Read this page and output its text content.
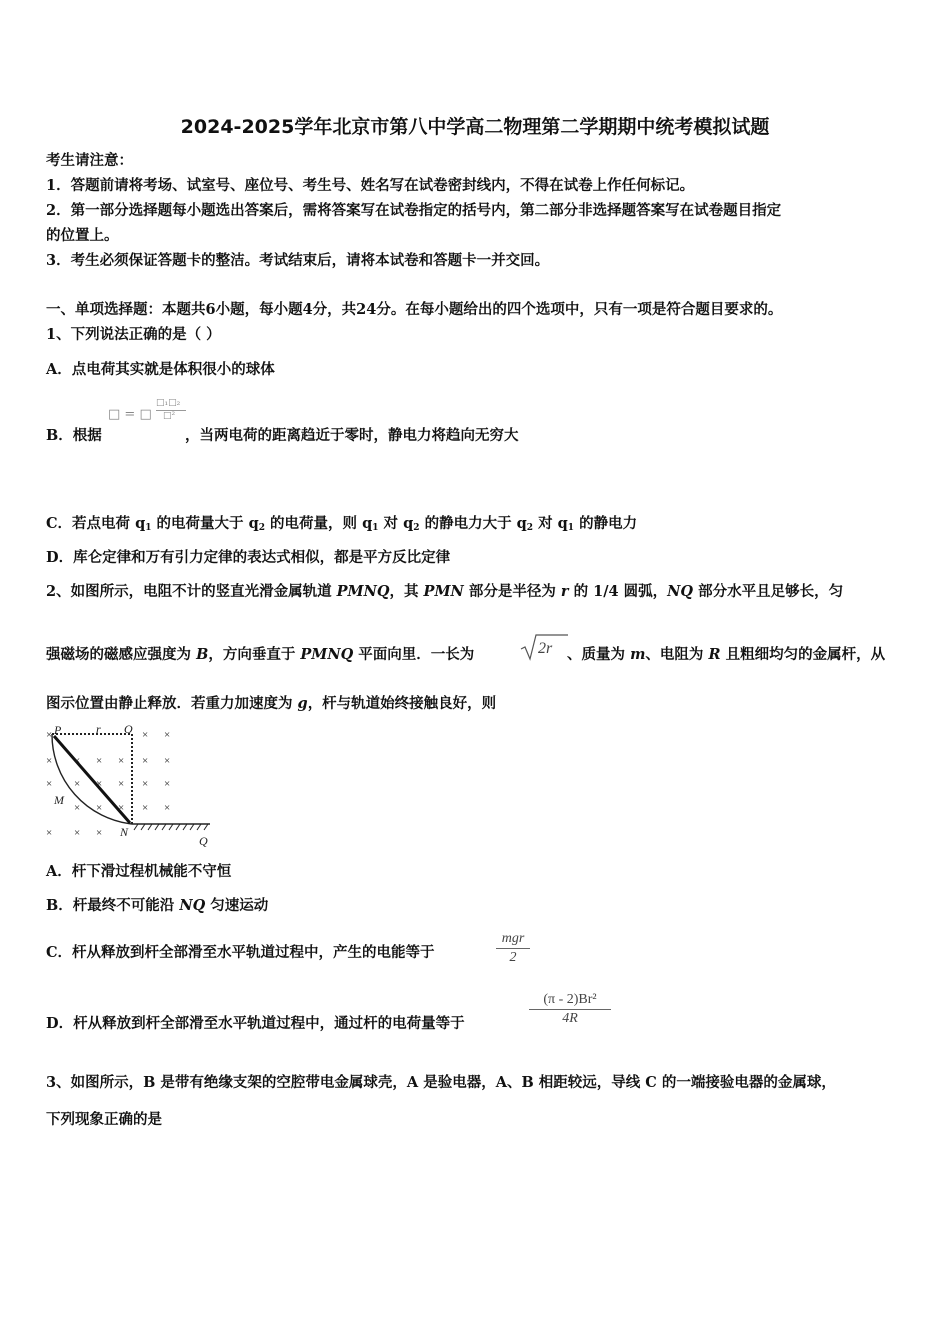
2024-2025学年北京市第八中学高二物理第二学期期中统考模拟试题
考生请注意：
1．答题前请将考场、试室号、座位号、考生号、姓名写在试卷密封线内，不得在试卷上作任何标记。
2．第一部分选择题每小题选出答案后，需将答案写在试卷指定的括号内，第二部分非选择题答案写在试卷题目指定
的位置上。
3．考生必须保证答题卡的整洁。考试结束后，请将本试卷和答题卡一并交回。
一、单项选择题：本题共6小题，每小题4分，共24分。在每小题给出的四个选项中，只有一项是符合题目要求的。
1、下列说法正确的是（ ）
A．点电荷其实就是体积很小的球体
B．根据
□ = □
□₁□₂
□²
，当两电荷的距离趋近于零时，静电力将趋向无穷大
C．若点电荷 $q_1$ 的电荷量大于 $q_2$ 的电荷量，则 $q_1$ 对 $q_2$ 的静电力大于 $q_2$ 对 $q_1$ 的静电力
D．库仑定律和万有引力定律的表达式相似，都是平方反比定律
2、如图所示，电阻不计的竖直光滑金属轨道 PMNQ，其 PMN 部分是半径为 r 的 1/4 圆弧，NQ 部分水平且足够长，匀
强磁场的磁感应强度为 B，方向垂直于 PMNQ 平面向里．一长为	2r 、质量为 m、电阻为 R 且粗细均匀的金属杆，从
图示位置由静止释放．若重力加速度为 g，杆与轨道始终接触良好，则
P	r O
M
N
Q
×	× ×
× × × × × ×
× × × × × ×
× × × × ×
× × ×
A．杆下滑过程机械能不守恒
B．杆最终不可能沿 NQ 匀速运动
C．杆从释放到杆全部滑至水平轨道过程中，产生的电能等于
mgr
2
D．杆从释放到杆全部滑至水平轨道过程中，通过杆的电荷量等于
(π - 2)Br²
4R
3、如图所示，B 是带有绝缘支架的空腔带电金属球壳，A 是验电器，A、B 相距较远，导线 C 的一端接验电器的金属球，
下列现象正确的是
